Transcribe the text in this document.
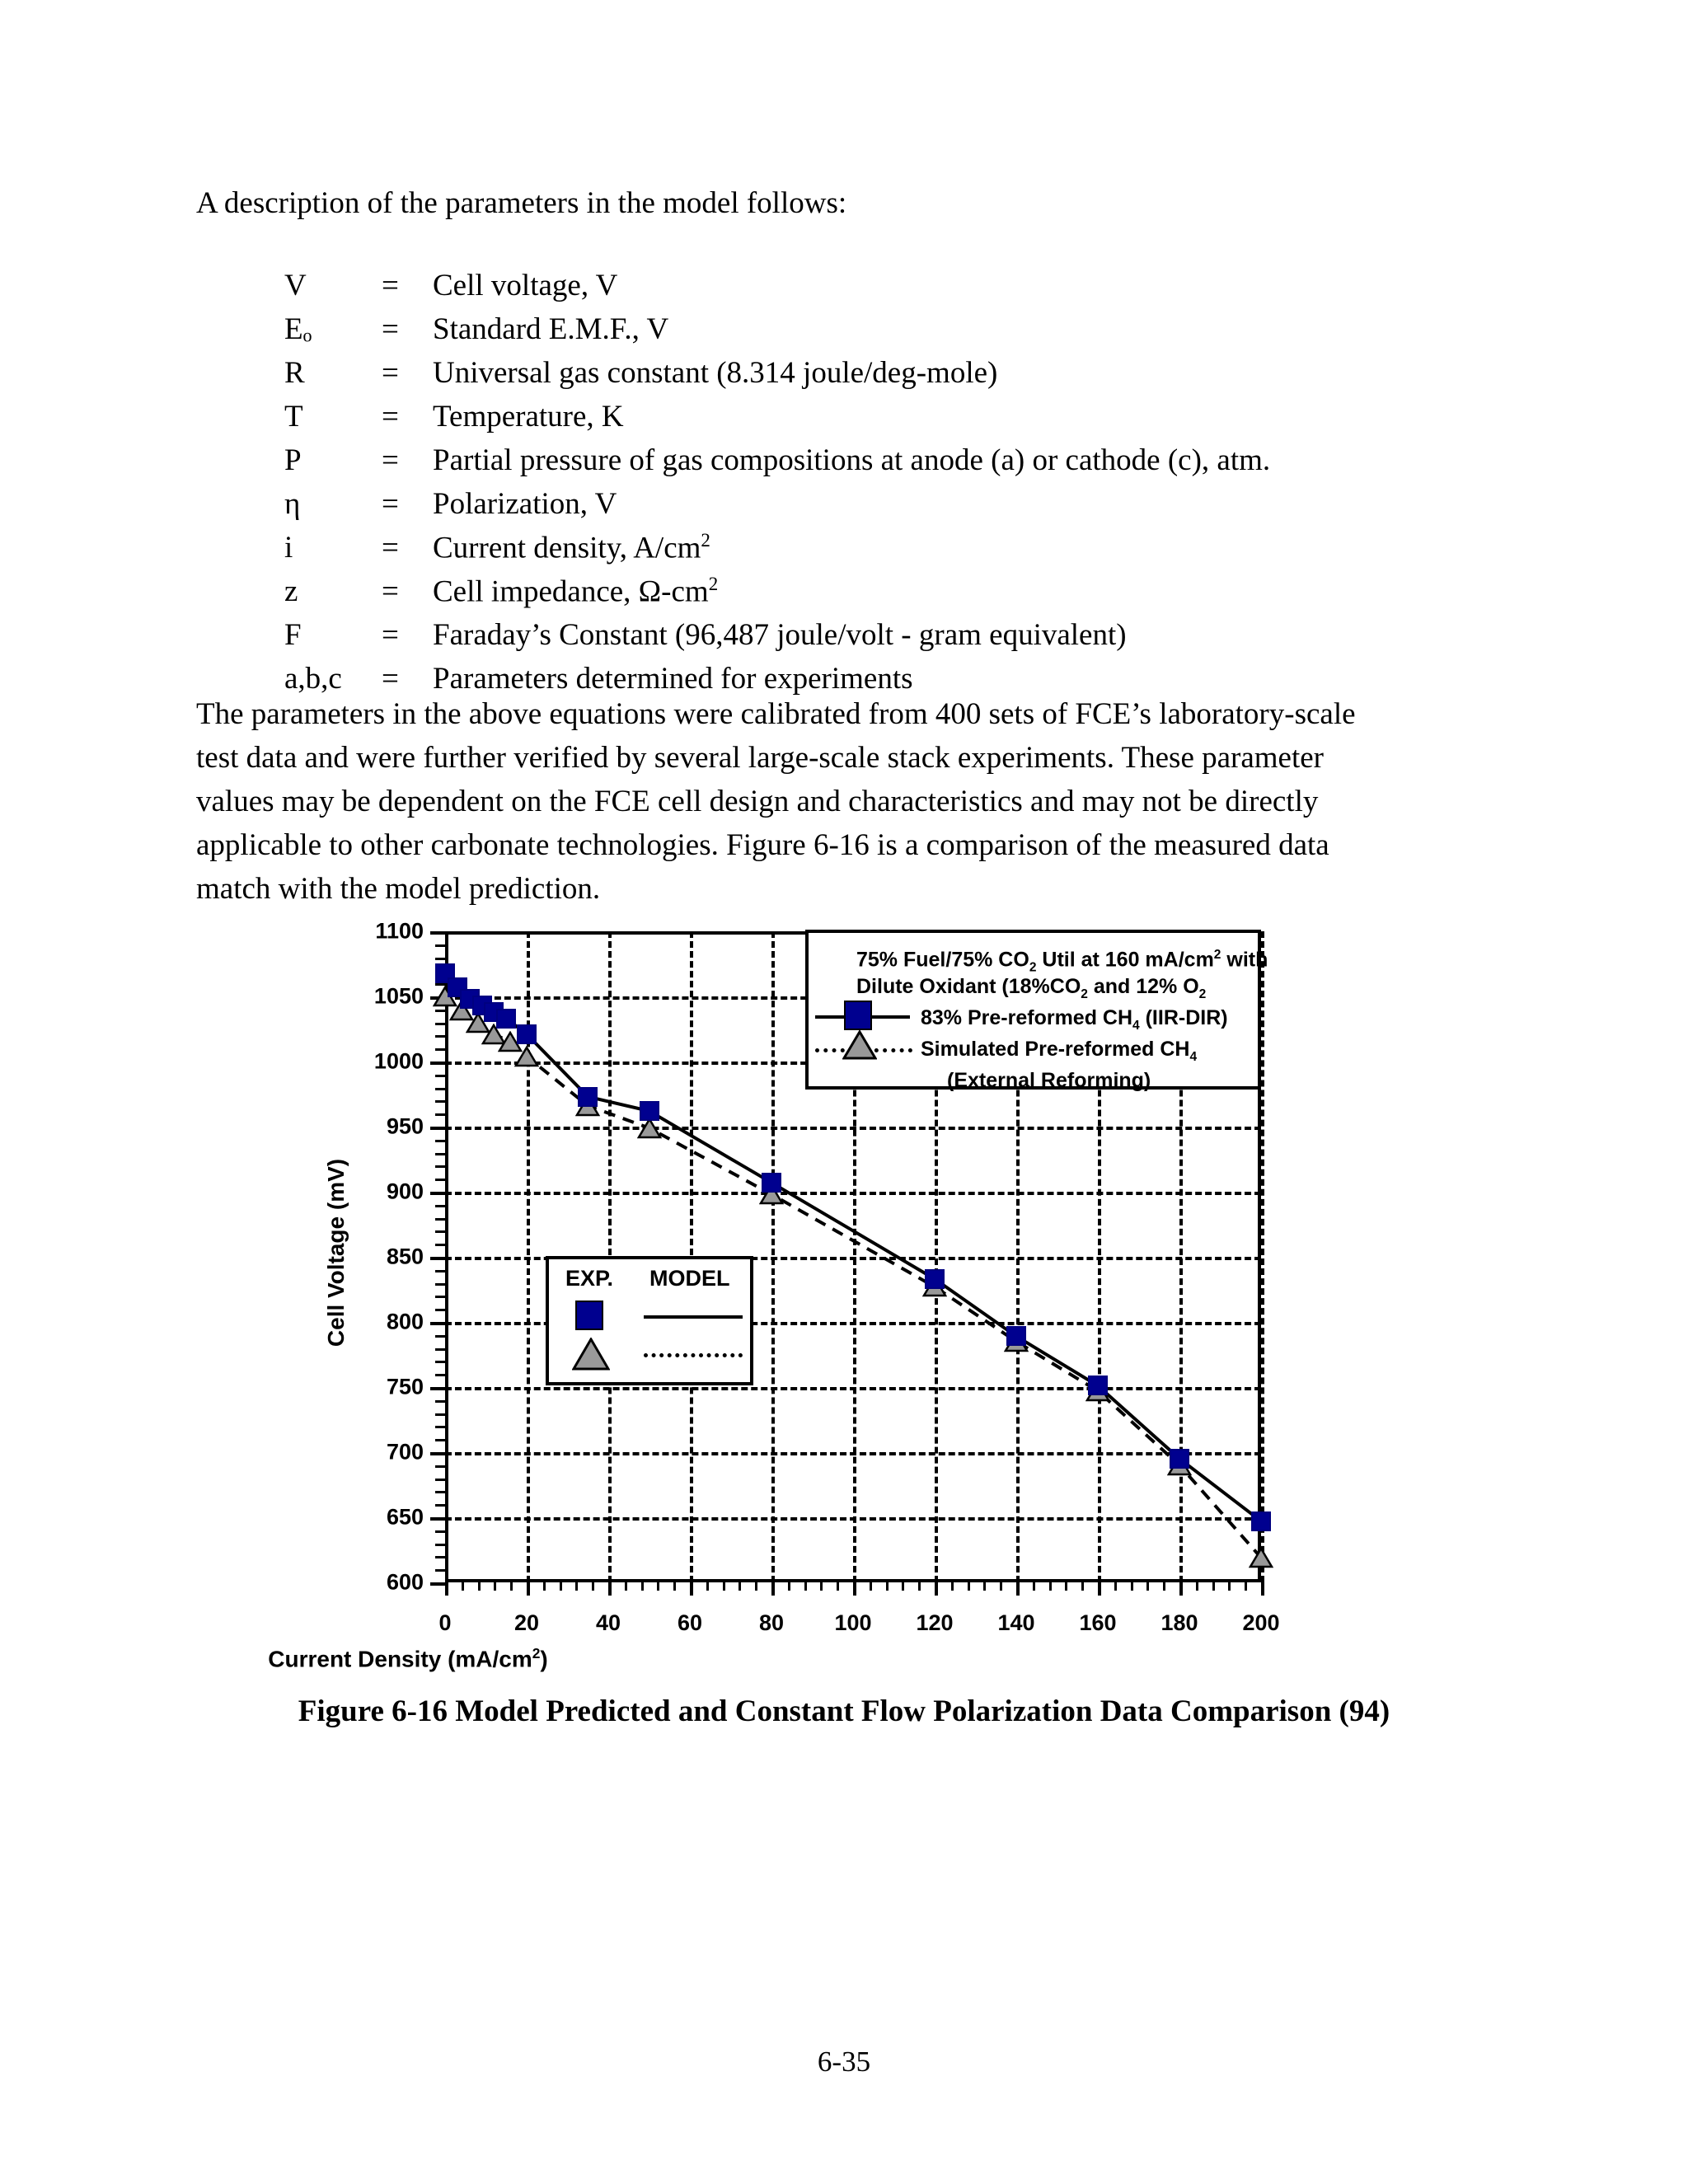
A description of the parameters in the model follows:
V	=	Cell voltage, V
Eₒ	=	Standard E.M.F., V
R	=	Universal gas constant (8.314 joule/deg-mole)
T	=	Temperature, K
P	=	Partial pressure of gas compositions at anode (a) or cathode (c), atm.
η	=	Polarization, V
i	=	Current density, $A/cm^2$
z	=	Cell impedance, $\Omega-cm^2$
F	=	Faraday’s Constant (96,487 joule/volt - gram equivalent)
a,b,c	=	Parameters determined for experiments
The parameters in the above equations were calibrated from 400 sets of FCE’s laboratory-scale
test data and were further verified by several large-scale stack experiments. These parameter
values may be dependent on the FCE cell design and characteristics and may not be directly
applicable to other carbonate technologies. Figure 6-16 is a comparison of the measured data
match with the model prediction.
Cell Voltage (mV)
600
650
700
750
800
850
900
950
1000
1050
1100
0	20	40	60	80 100 120 140 160 180 200
75% Fuel/75% $CO_2$ Util at 160 $mA/cm^2$ with
Dilute Oxidant ($18\%CO_2$ and 12% $O_2$
83% Pre-reformed $CH_4$ (IIR-DIR)
Simulated Pre-reformed $CH_4$
(External Reforming)
EXP. MODEL
Current Density $(mA/cm^2)$
Figure 6-16 Model Predicted and Constant Flow Polarization Data Comparison (94)
6-35
